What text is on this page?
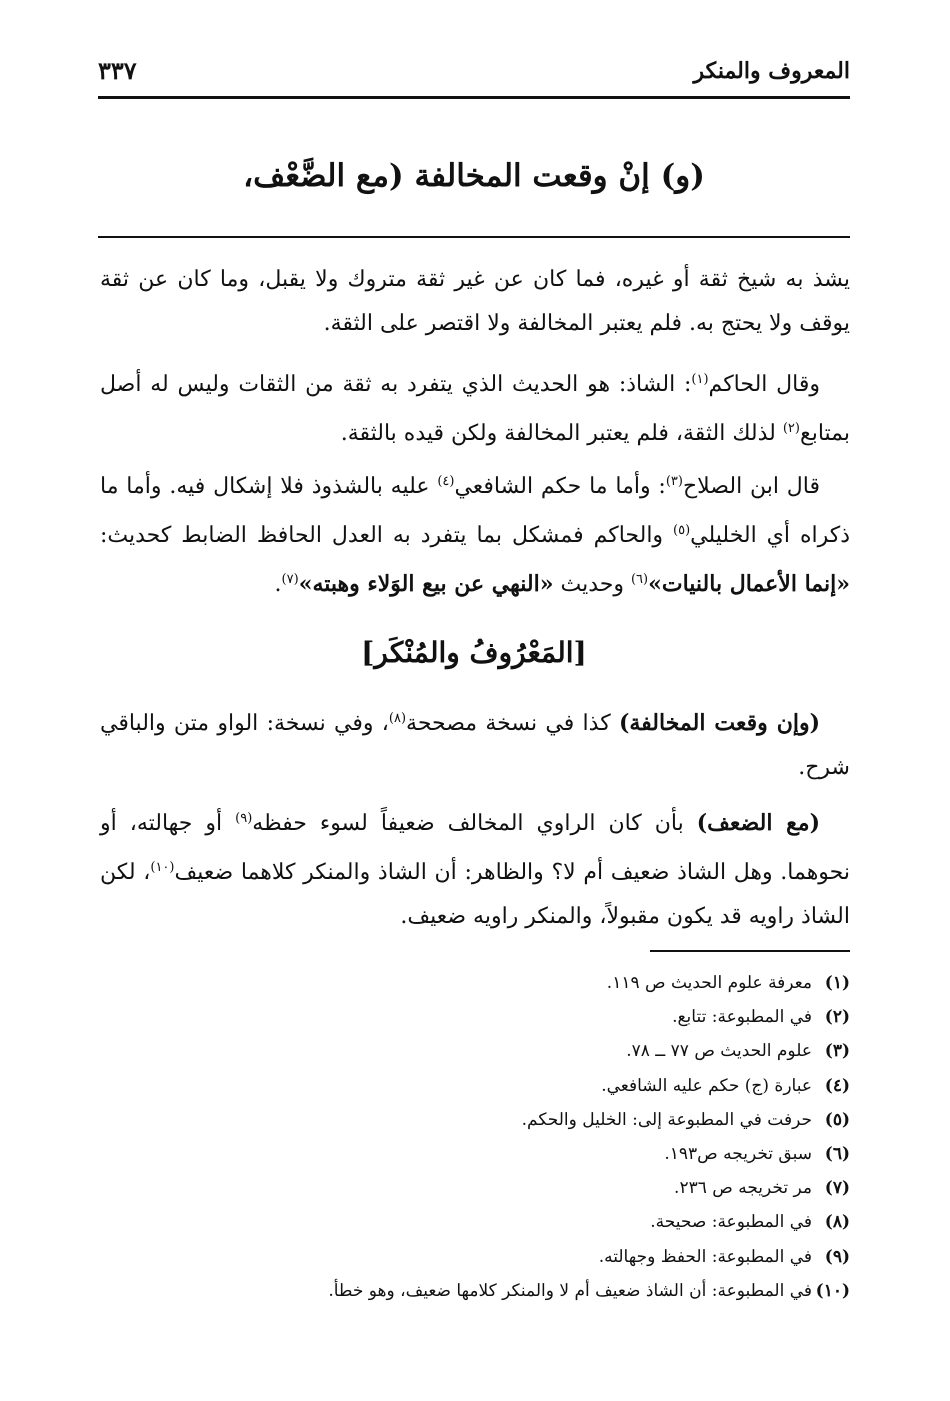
المعروف والمنكر
٣٣٧
(و) إنْ وقعت المخالفة (مع الضَّعْف،

يشذ به شيخ ثقة أو غيره، فما كان عن غير ثقة متروك ولا يقبل، وما كان عن ثقة يوقف ولا يحتج به. فلم يعتبر المخالفة ولا اقتصر على الثقة.

وقال الحاكم$^{(١)}$: الشاذ: هو الحديث الذي يتفرد به ثقة من الثقات وليس له أصل بمتابع$^{(٢)}$ لذلك الثقة، فلم يعتبر المخالفة ولكن قيده بالثقة.

قال ابن الصلاح$^{(٣)}$: وأما ما حكم الشافعي$^{(٤)}$ عليه بالشذوذ فلا إشكال فيه. وأما ما ذكراه أي الخليلي$^{(٥)}$ والحاكم فمشكل بما يتفرد به العدل الحافظ الضابط كحديث: «إنما الأعمال بالنيات»$^{(٦)}$ وحديث «النهي عن بيع الوَلاء وهبته»$^{(٧)}$.

[المَعْرُوفُ والمُنْكَر]

(وإن وقعت المخالفة) كذا في نسخة مصححة$^{(٨)}$، وفي نسخة: الواو متن والباقي شرح.

(مع الضعف) بأن كان الراوي المخالف ضعيفاً لسوء حفظه$^{(٩)}$ أو جهالته، أو نحوهما. وهل الشاذ ضعيف أم لا؟ والظاهر: أن الشاذ والمنكر كلاهما ضعيف$^{(١٠)}$، لكن الشاذ راويه قد يكون مقبولاً، والمنكر راويه ضعيف.

(١)معرفة علوم الحديث ص ١١٩.
(٢)في المطبوعة: تتابع.
(٣)علوم الحديث ص ٧٧ ــ ٧٨.
(٤)عبارة (ج) حكم عليه الشافعي.
(٥)حرفت في المطبوعة إلى: الخليل والحكم.
(٦)سبق تخريجه ص١٩٣.
(٧)مر تخريجه ص ٢٣٦.
(٨)في المطبوعة: صحيحة.
(٩)في المطبوعة: الحفظ وجهالته.
(١٠)في المطبوعة: أن الشاذ ضعيف أم لا والمنكر كلامها ضعيف، وهو خطأ.
